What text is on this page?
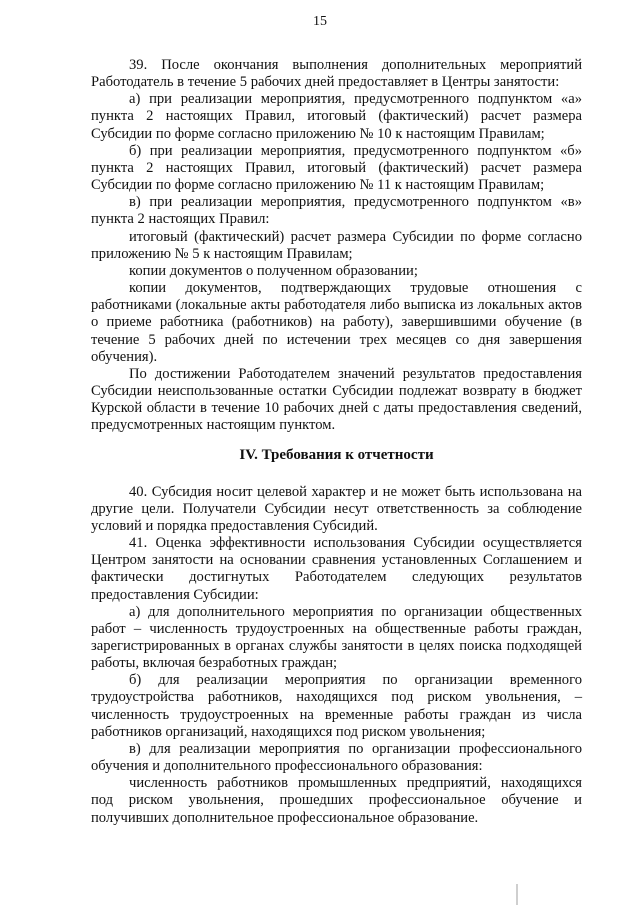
15

39. После окончания выполнения дополнительных мероприятий Работодатель в течение 5 рабочих дней предоставляет в Центры занятости:

а) при реализации мероприятия, предусмотренного подпунктом «а» пункта 2 настоящих Правил, итоговый (фактический) расчет размера Субсидии по форме согласно приложению № 10 к настоящим Правилам;

б) при реализации мероприятия, предусмотренного подпунктом «б» пункта 2 настоящих Правил, итоговый (фактический) расчет размера Субсидии по форме согласно приложению № 11 к настоящим Правилам;

в) при реализации мероприятия, предусмотренного подпунктом «в» пункта 2 настоящих Правил:

итоговый (фактический) расчет размера Субсидии по форме согласно приложению № 5 к настоящим Правилам;

копии документов о полученном образовании;

копии документов, подтверждающих трудовые отношения с работниками (локальные акты работодателя либо выписка из локальных актов о приеме работника (работников) на работу), завершившими обучение (в течение 5 рабочих дней по истечении трех месяцев со дня завершения обучения).

По достижении Работодателем значений результатов предоставления Субсидии неиспользованные остатки Субсидии подлежат возврату в бюджет Курской области в течение 10 рабочих дней с даты предоставления сведений, предусмотренных настоящим пунктом.

IV. Требования к отчетности

40. Субсидия носит целевой характер и не может быть использована на другие цели. Получатели Субсидии несут ответственность за соблюдение условий и порядка предоставления Субсидий.

41. Оценка эффективности использования Субсидии осуществляется Центром занятости на основании сравнения установленных Соглашением и фактически достигнутых Работодателем следующих результатов предоставления Субсидии:

а) для дополнительного мероприятия по организации общественных работ – численность трудоустроенных на общественные работы граждан, зарегистрированных в органах службы занятости в целях поиска подходящей работы, включая безработных граждан;

б) для реализации мероприятия по организации временного трудоустройства работников, находящихся под риском увольнения, – численность трудоустроенных на временные работы граждан из числа работников организаций, находящихся под риском увольнения;

в) для реализации мероприятия по организации профессионального обучения и дополнительного профессионального образования:

численность работников промышленных предприятий, находящихся под риском увольнения, прошедших профессиональное обучение и получивших дополнительное профессиональное образование.
